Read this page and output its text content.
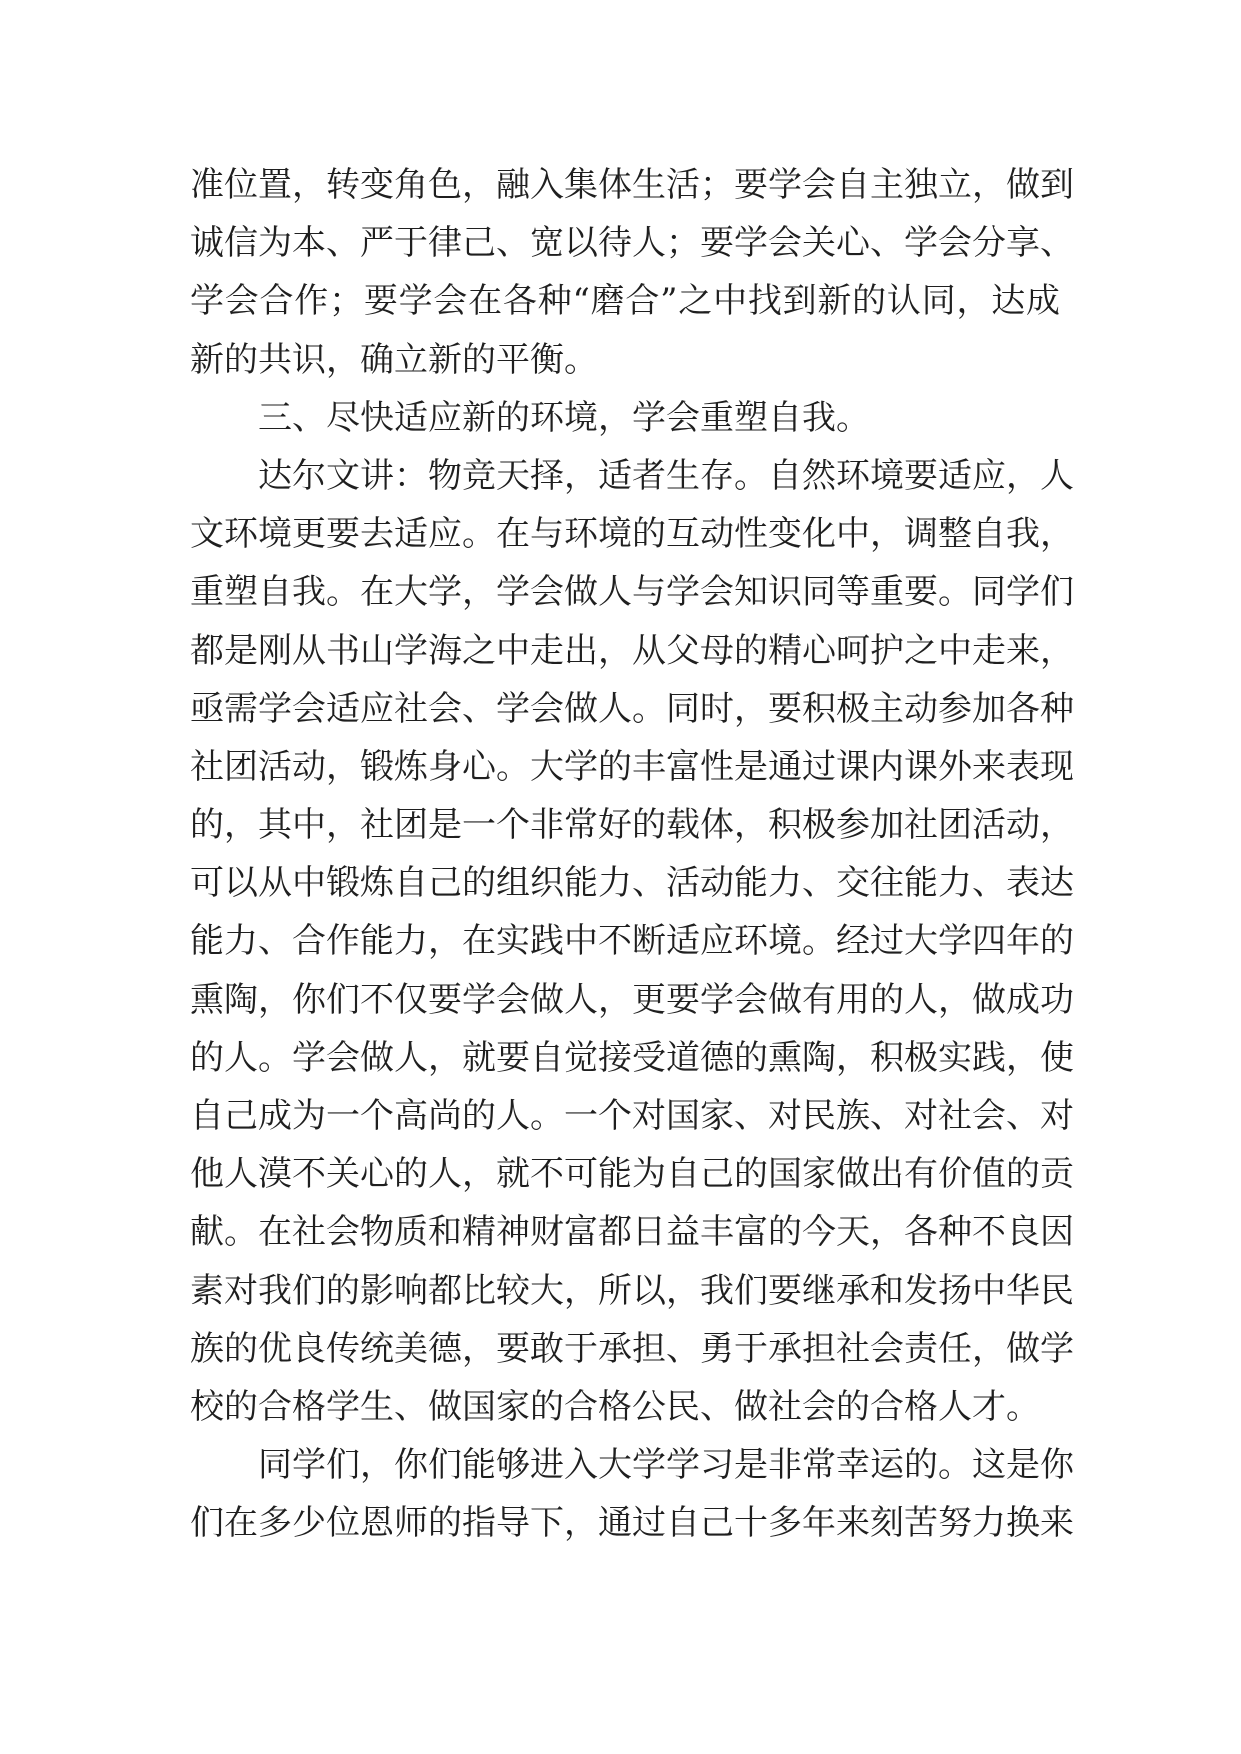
准位置，转变角色，融入集体生活；要学会自主独立，做到
诚信为本、严于律己、宽以待人；要学会关心、学会分享、
学会合作；要学会在各种“磨合”之中找到新的认同，达成
新的共识，确立新的平衡。
三、尽快适应新的环境，学会重塑自我。
达尔文讲：物竞天择，适者生存。自然环境要适应，人
文环境更要去适应。在与环境的互动性变化中，调整自我，
重塑自我。在大学，学会做人与学会知识同等重要。同学们
都是刚从书山学海之中走出，从父母的精心呵护之中走来，
亟需学会适应社会、学会做人。同时，要积极主动参加各种
社团活动，锻炼身心。大学的丰富性是通过课内课外来表现
的，其中，社团是一个非常好的载体，积极参加社团活动，
可以从中锻炼自己的组织能力、活动能力、交往能力、表达
能力、合作能力，在实践中不断适应环境。经过大学四年的
熏陶，你们不仅要学会做人，更要学会做有用的人，做成功
的人。学会做人，就要自觉接受道德的熏陶，积极实践，使
自己成为一个高尚的人。一个对国家、对民族、对社会、对
他人漠不关心的人，就不可能为自己的国家做出有价值的贡
献。在社会物质和精神财富都日益丰富的今天，各种不良因
素对我们的影响都比较大，所以，我们要继承和发扬中华民
族的优良传统美德，要敢于承担、勇于承担社会责任，做学
校的合格学生、做国家的合格公民、做社会的合格人才。
同学们，你们能够进入大学学习是非常幸运的。这是你
们在多少位恩师的指导下，通过自己十多年来刻苦努力换来
